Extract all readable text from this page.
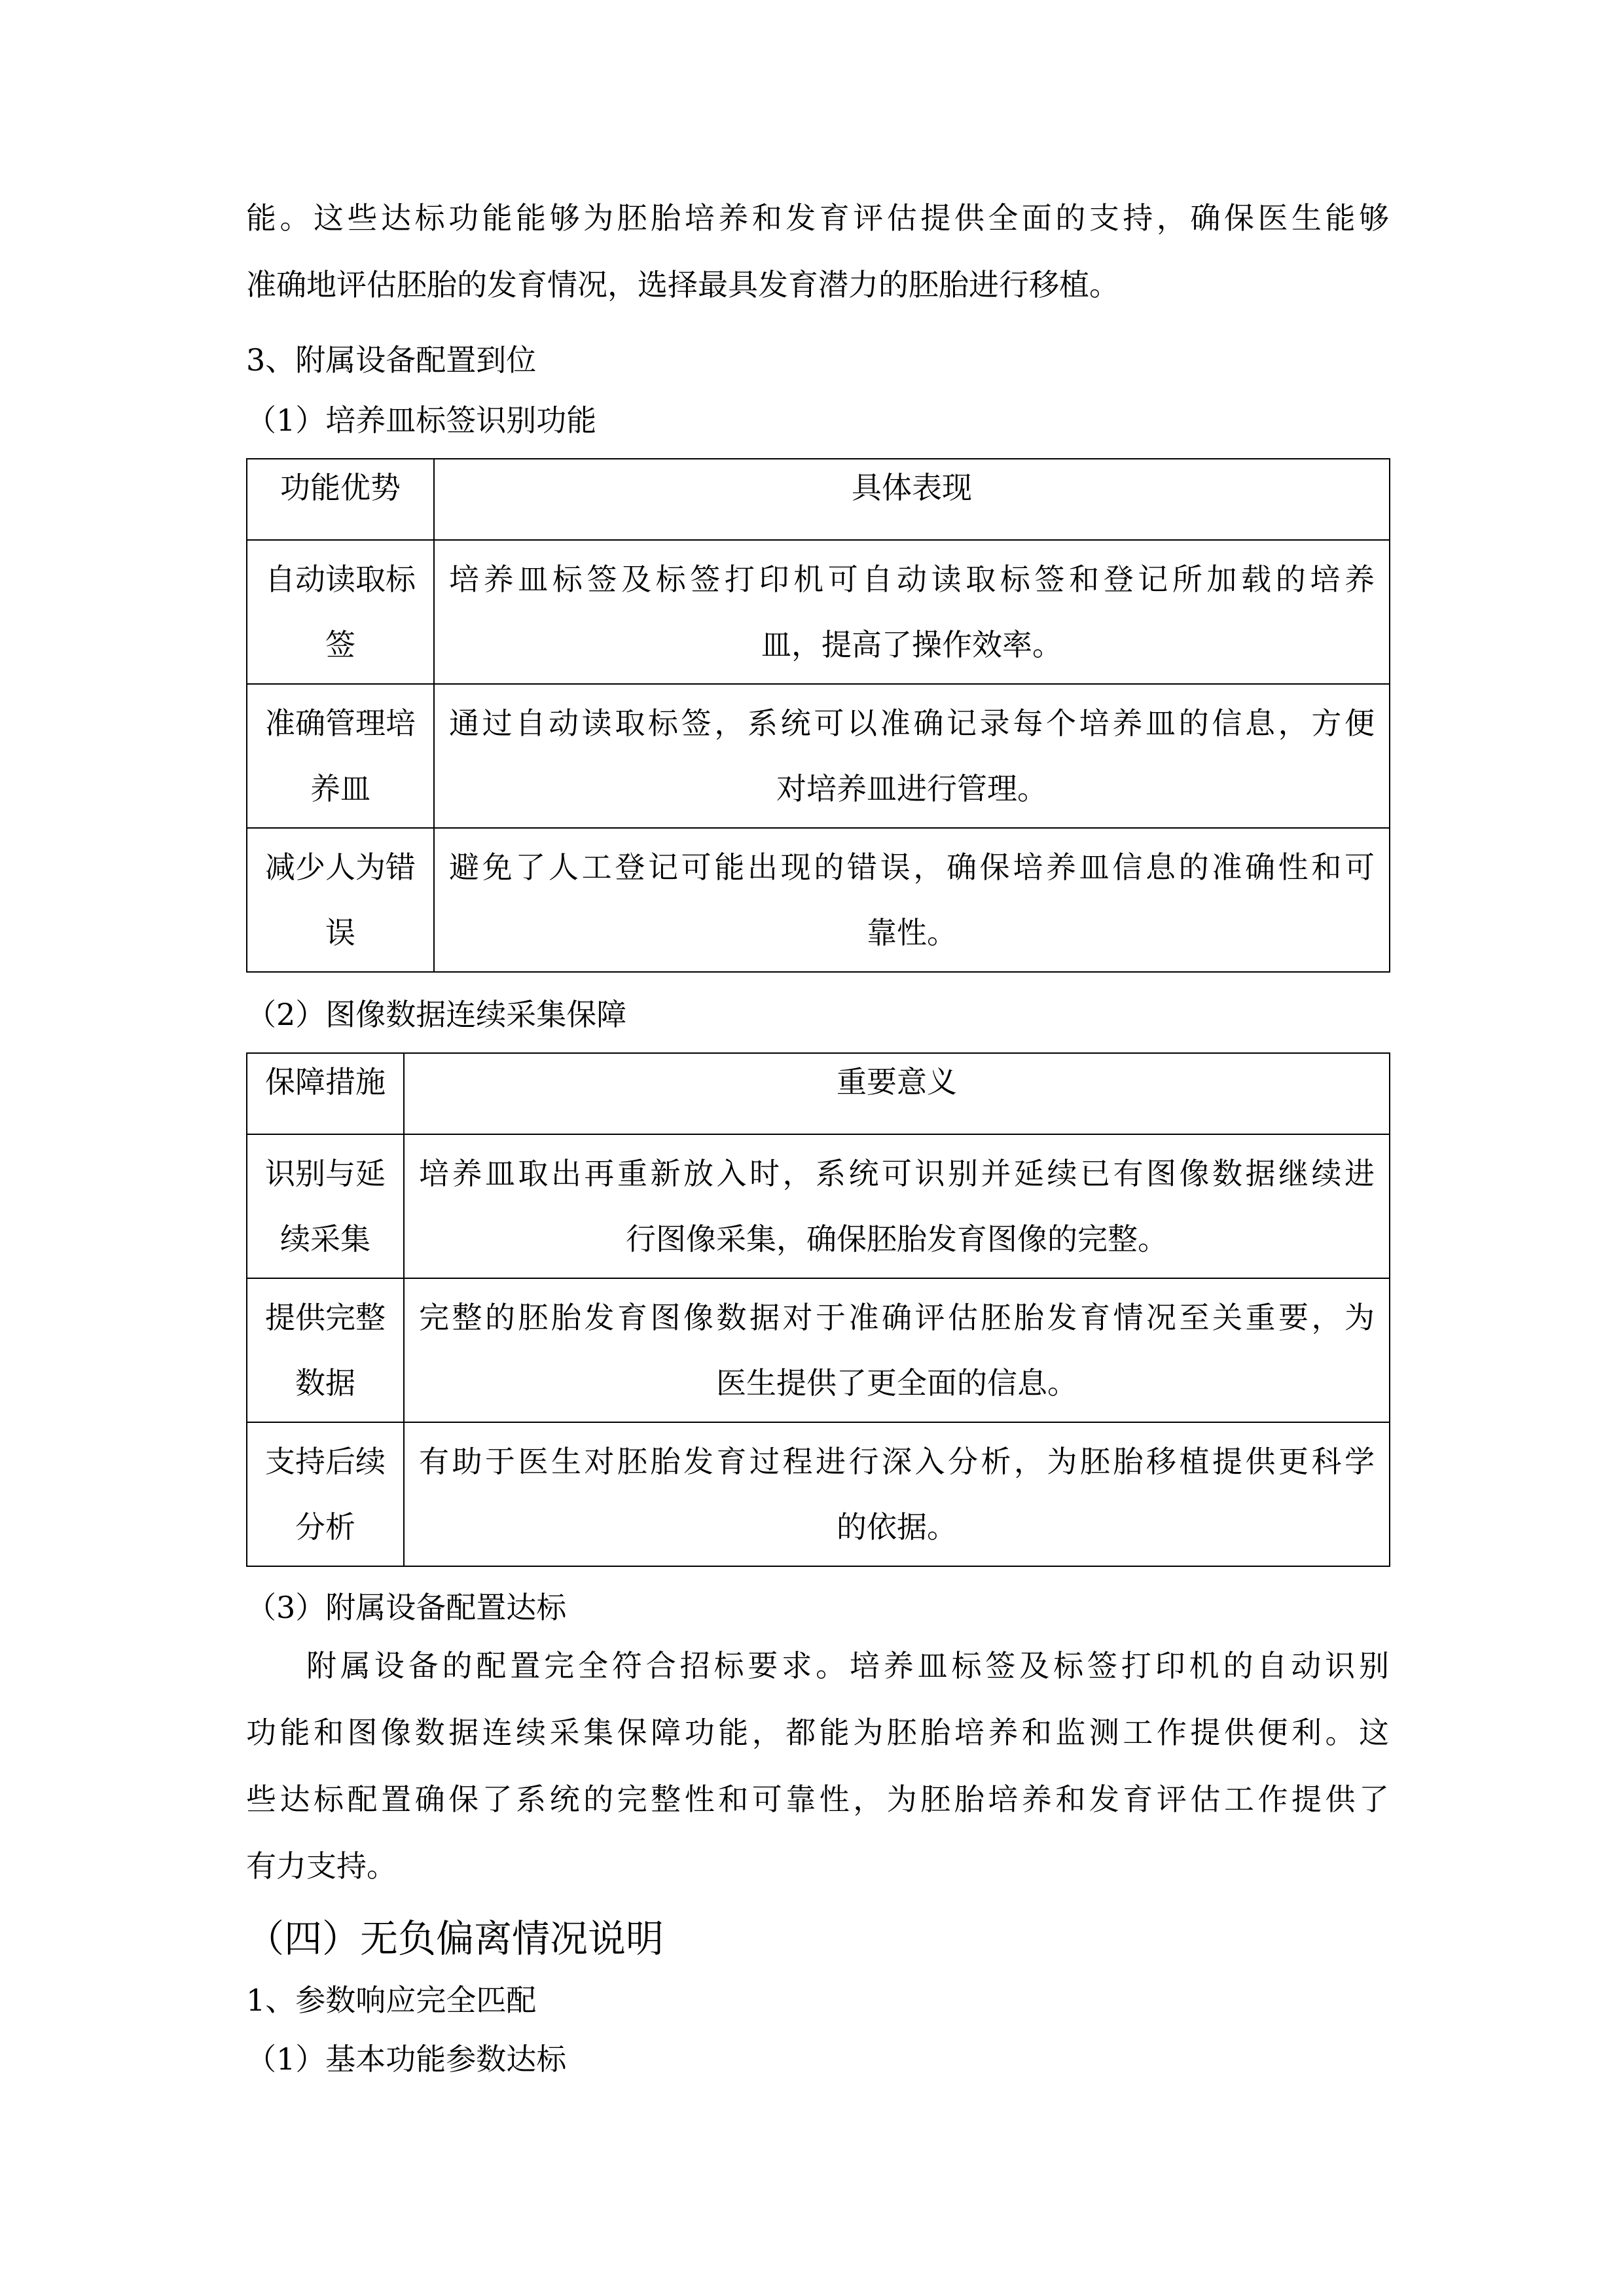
能。这些达标功能能够为胚胎培养和发育评估提供全面的支持，确保医生能够
准确地评估胚胎的发育情况，选择最具发育潜力的胚胎进行移植。
3、附属设备配置到位
（1）培养皿标签识别功能
功能优势	具体表现

自动读取标
签	培养皿标签及标签打印机可自动读取标签和登记所加载的培养
皿，提高了操作效率。

准确管理培
养皿	通过自动读取标签，系统可以准确记录每个培养皿的信息，方便
对培养皿进行管理。

减少人为错
误	避免了人工登记可能出现的错误，确保培养皿信息的准确性和可
靠性。
（2）图像数据连续采集保障
保障措施	重要意义

识别与延
续采集	培养皿取出再重新放入时，系统可识别并延续已有图像数据继续进
行图像采集，确保胚胎发育图像的完整。

提供完整
数据	完整的胚胎发育图像数据对于准确评估胚胎发育情况至关重要，为
医生提供了更全面的信息。

支持后续
分析	有助于医生对胚胎发育过程进行深入分析，为胚胎移植提供更科学
的依据。
（3）附属设备配置达标
附属设备的配置完全符合招标要求。培养皿标签及标签打印机的自动识别
功能和图像数据连续采集保障功能，都能为胚胎培养和监测工作提供便利。这
些达标配置确保了系统的完整性和可靠性，为胚胎培养和发育评估工作提供了
有力支持。
（四）无负偏离情况说明
1、参数响应完全匹配
（1）基本功能参数达标
